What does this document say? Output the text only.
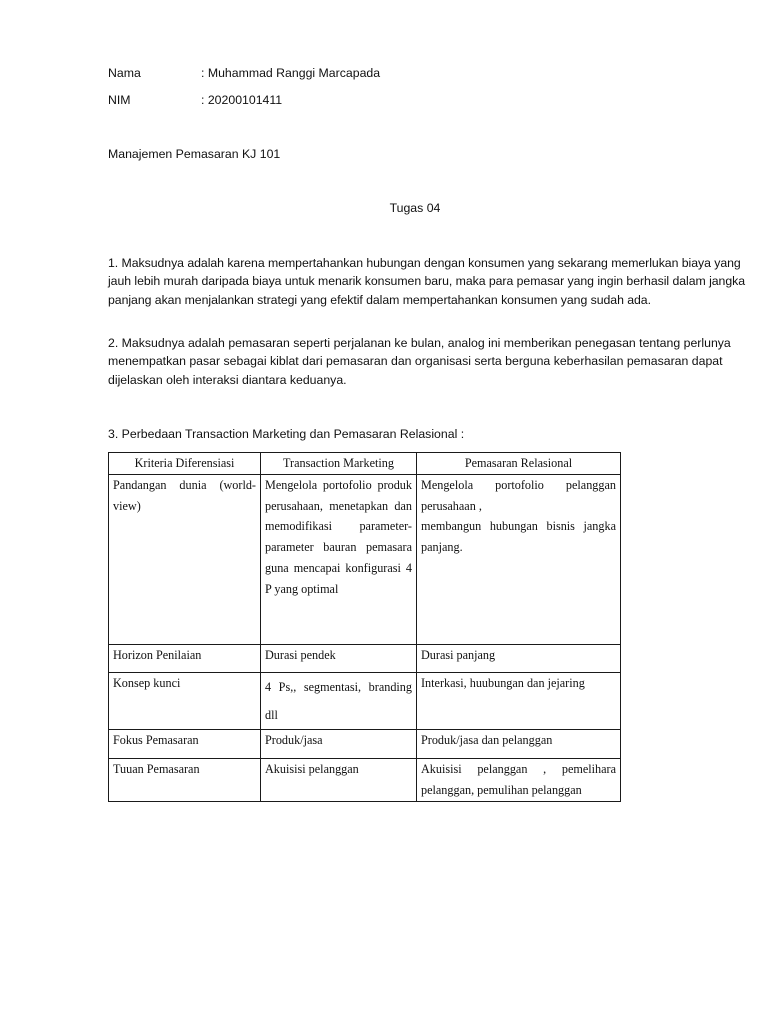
Nama	: Muhammad Ranggi Marcapada
NIM	: 20200101411
Manajemen Pemasaran KJ 101
Tugas 04
1. Maksudnya adalah karena mempertahankan hubungan dengan konsumen yang sekarang memerlukan biaya yang jauh lebih murah daripada biaya untuk menarik konsumen baru, maka para pemasar yang ingin berhasil dalam jangka panjang akan menjalankan strategi yang efektif dalam mempertahankan konsumen yang sudah ada.
2. Maksudnya adalah pemasaran seperti perjalanan ke bulan, analog ini memberikan penegasan tentang perlunya menempatkan pasar sebagai kiblat dari pemasaran dan organisasi serta berguna keberhasilan pemasaran dapat dijelaskan oleh interaksi diantara keduanya.
3. Perbedaan Transaction Marketing dan Pemasaran Relasional :
Kriteria Diferensiasi	Transaction Marketing	Pemasaran Relasional
Pandangan dunia (world-view)	Mengelola portofolio produk perusahaan, menetapkan dan memodifikasi parameter-parameter bauran pemasara guna mencapai konfigurasi 4 P yang optimal	Mengelola portofolio pelanggan perusahaan ,
membangun hubungan bisnis jangka panjang.

Horizon Penilaian	Durasi pendek	Durasi panjang
Konsep kunci	4 Ps,, segmentasi, branding dll	Interkasi, huubungan dan jejaring
Fokus Pemasaran	Produk/jasa	Produk/jasa dan pelanggan
Tuuan Pemasaran	Akuisisi pelanggan	Akuisisi pelanggan , pemelihara pelanggan, pemulihan pelanggan
